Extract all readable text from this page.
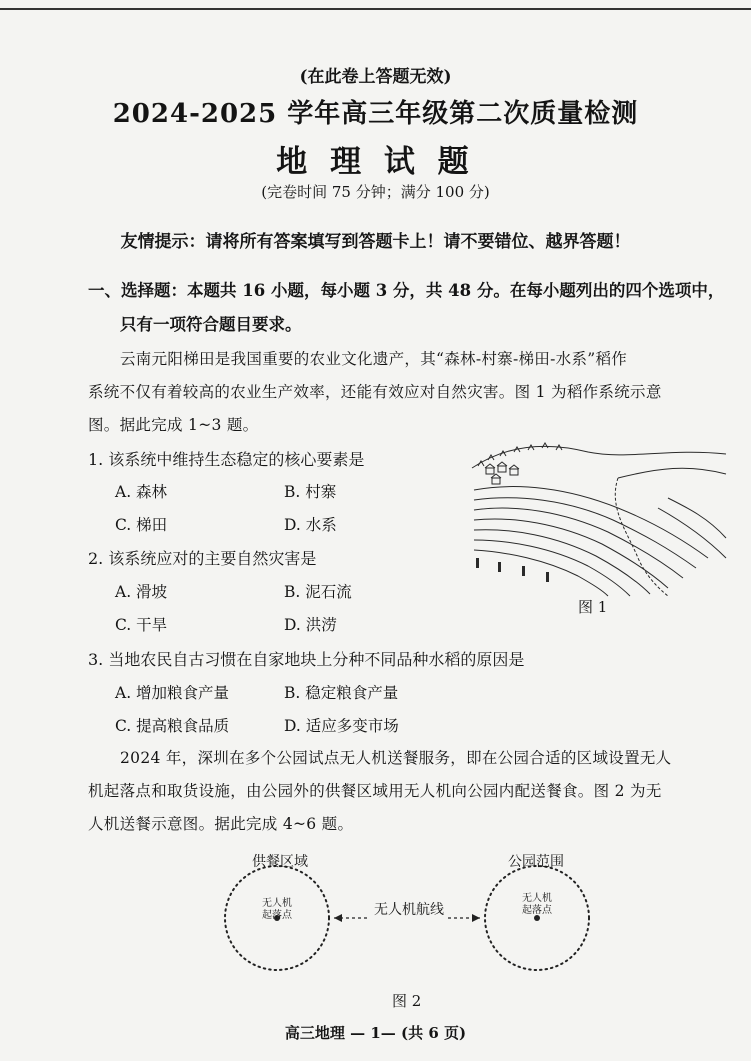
(在此卷上答题无效)
2024-2025 学年高三年级第二次质量检测
地 理 试 题
(完卷时间 75 分钟；满分 100 分)
友情提示：请将所有答案填写到答题卡上！请不要错位、越界答题！
一、选择题：本题共 16 小题，每小题 3 分，共 48 分。在每小题列出的四个选项中，
只有一项符合题目要求。
云南元阳梯田是我国重要的农业文化遗产，其“森林-村寨-梯田-水系”稻作
系统不仅有着较高的农业生产效率，还能有效应对自然灾害。图 1 为稻作系统示意
图。据此完成 1~3 题。
1. 该系统中维持生态稳定的核心要素是
A. 森林	B. 村寨
C. 梯田	D. 水系
2. 该系统应对的主要自然灾害是
A. 滑坡	B. 泥石流
C. 干旱	D. 洪涝
3. 当地农民自古习惯在自家地块上分种不同品种水稻的原因是
A. 增加粮食产量	B. 稳定粮食产量
C. 提高粮食品质	D. 适应多变市场
图 1
2024 年，深圳在多个公园试点无人机送餐服务，即在公园合适的区域设置无人
机起落点和取货设施，由公园外的供餐区域用无人机向公园内配送餐食。图 2 为无
人机送餐示意图。据此完成 4~6 题。
供餐区域	公园范围
无人机
起落点
无人机
起落点
无人机航线
图 2
高三地理 — 1— (共 6 页)
